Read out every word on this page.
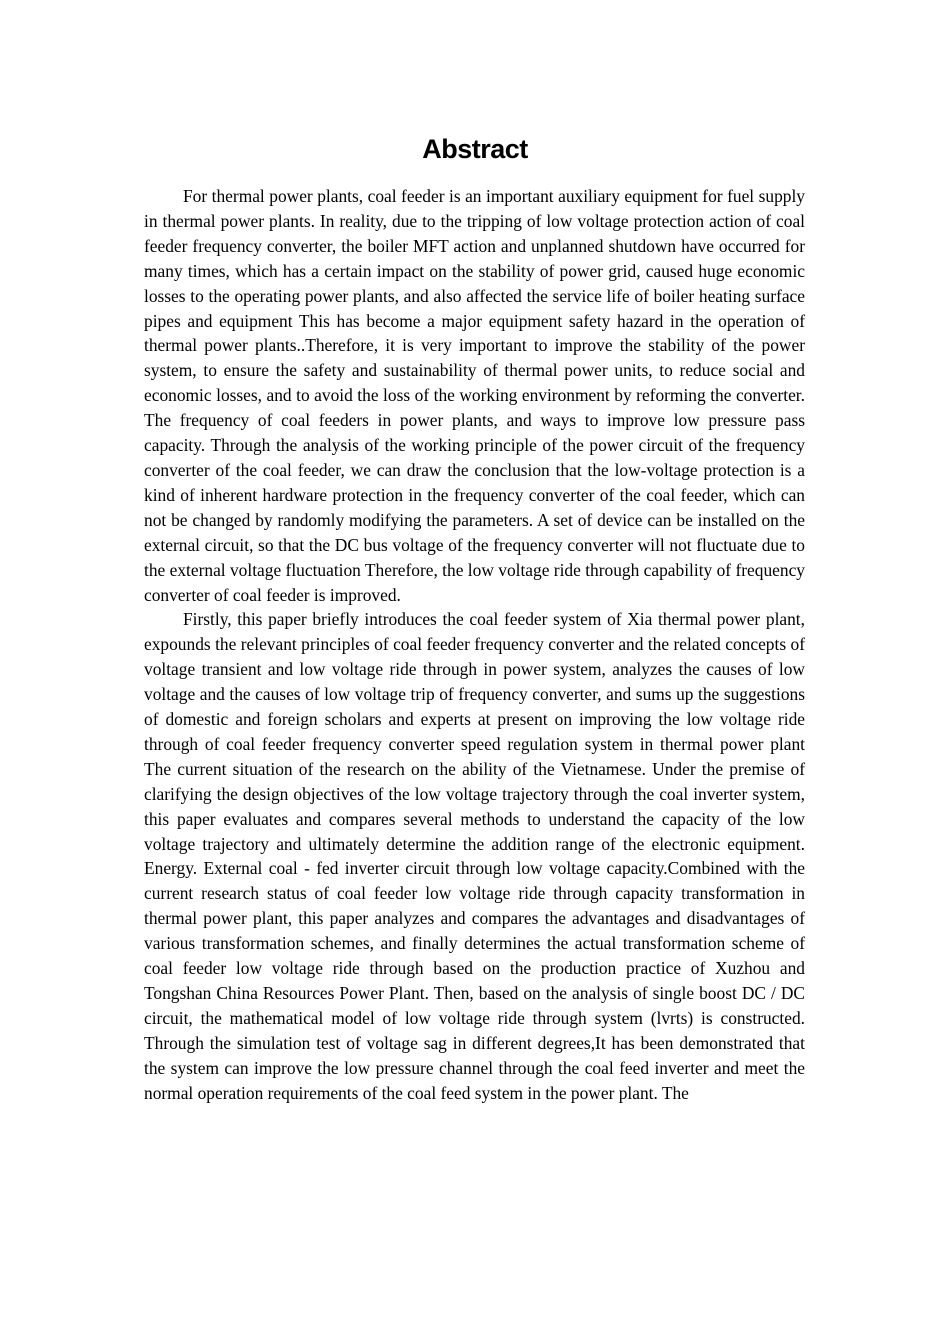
Abstract

For thermal power plants, coal feeder is an important auxiliary equipment for fuel supply in thermal power plants. In reality, due to the tripping of low voltage protection action of coal feeder frequency converter, the boiler MFT action and unplanned shutdown have occurred for many times, which has a certain impact on the stability of power grid, caused huge economic losses to the operating power plants, and also affected the service life of boiler heating surface pipes and equipment This has become a major equipment safety hazard in the operation of thermal power plants..Therefore, it is very important to improve the stability of the power system, to ensure the safety and sustainability of thermal power units, to reduce social and economic losses, and to avoid the loss of the working environment by reforming the converter. The frequency of coal feeders in power plants, and ways to improve low pressure pass capacity. Through the analysis of the working principle of the power circuit of the frequency converter of the coal feeder, we can draw the conclusion that the low-voltage protection is a kind of inherent hardware protection in the frequency converter of the coal feeder, which can not be changed by randomly modifying the parameters. A set of device can be installed on the external circuit, so that the DC bus voltage of the frequency converter will not fluctuate due to the external voltage fluctuation Therefore, the low voltage ride through capability of frequency converter of coal feeder is improved.

Firstly, this paper briefly introduces the coal feeder system of Xia thermal power plant, expounds the relevant principles of coal feeder frequency converter and the related concepts of voltage transient and low voltage ride through in power system, analyzes the causes of low voltage and the causes of low voltage trip of frequency converter, and sums up the suggestions of domestic and foreign scholars and experts at present on improving the low voltage ride through of coal feeder frequency converter speed regulation system in thermal power plant The current situation of the research on the ability of the Vietnamese. Under the premise of clarifying the design objectives of the low voltage trajectory through the coal inverter system, this paper evaluates and compares several methods to understand the capacity of the low voltage trajectory and ultimately determine the addition range of the electronic equipment. Energy. External coal - fed inverter circuit through low voltage capacity.Combined with the current research status of coal feeder low voltage ride through capacity transformation in thermal power plant, this paper analyzes and compares the advantages and disadvantages of various transformation schemes, and finally determines the actual transformation scheme of coal feeder low voltage ride through based on the production practice of Xuzhou and Tongshan China Resources Power Plant. Then, based on the analysis of single boost DC / DC circuit, the mathematical model of low voltage ride through system (lvrts) is constructed. Through the simulation test of voltage sag in different degrees,It has been demonstrated that the system can improve the low pressure channel through the coal feed inverter and meet the normal operation requirements of the coal feed system in the power plant. The
